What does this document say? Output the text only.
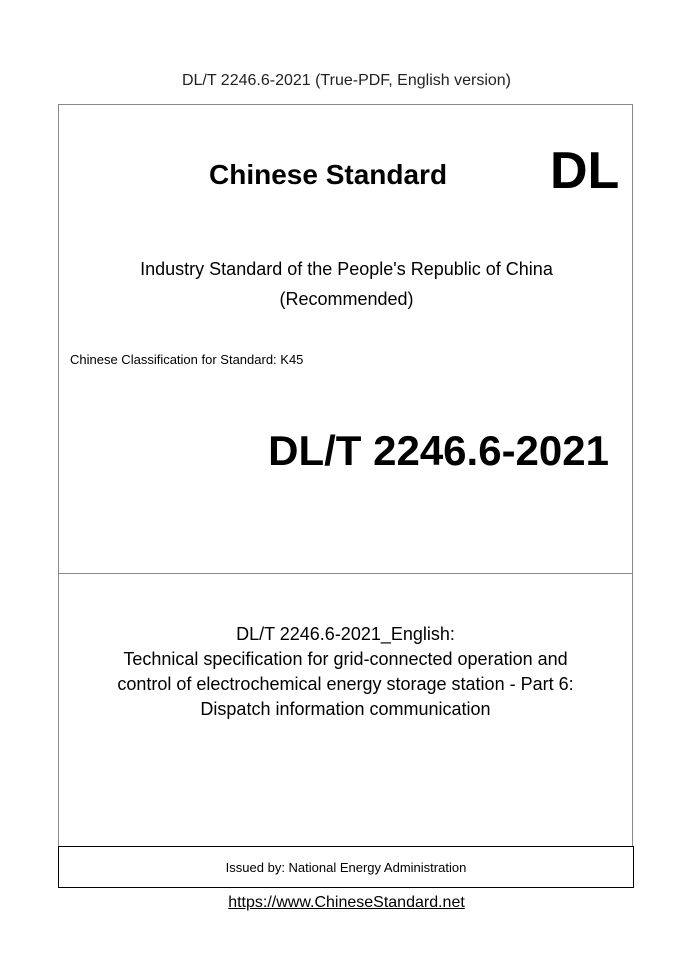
DL/T 2246.6-2021 (True-PDF, English version)
Chinese Standard DL
Industry Standard of the People's Republic of China
(Recommended)
Chinese Classification for Standard: K45
DL/T 2246.6-2021
DL/T 2246.6-2021_English:
Technical specification for grid-connected operation and
control of electrochemical energy storage station - Part 6:
Dispatch information communication
Issued by: National Energy Administration
https://www.ChineseStandard.net
